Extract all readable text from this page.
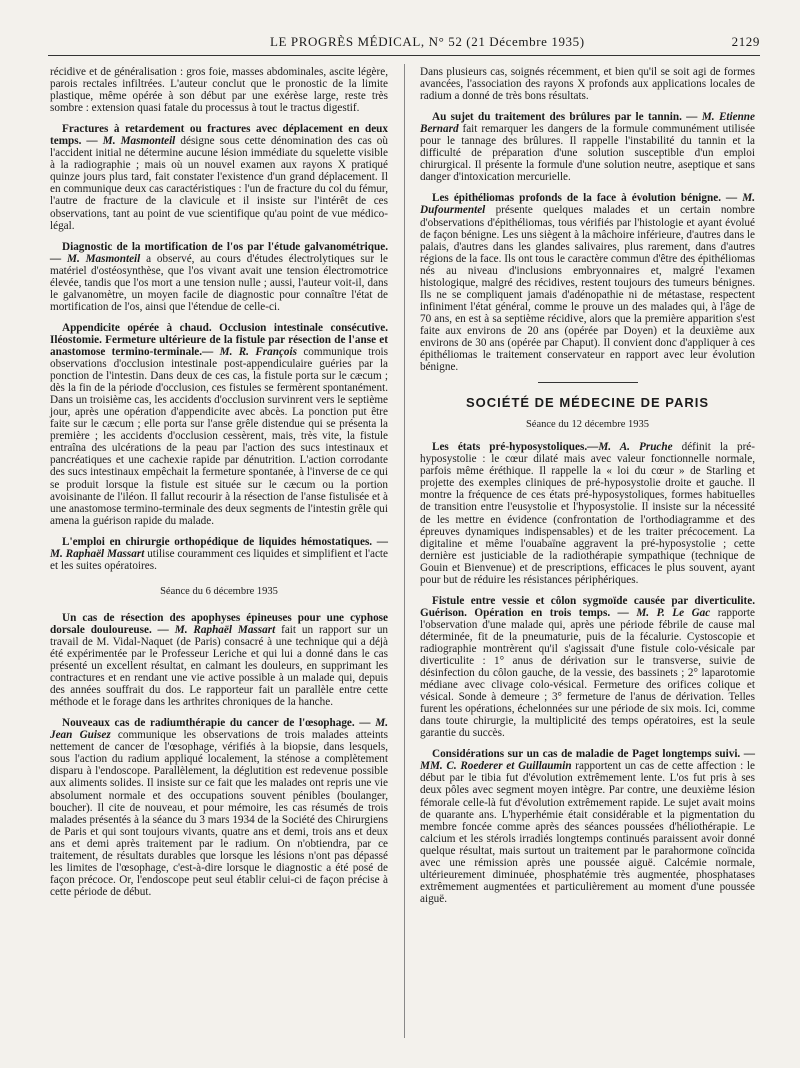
LE PROGRÈS MÉDICAL, N° 52 (21 Décembre 1935)	2129

récidive et de généralisation : gros foie, masses abdominales, ascite légère, parois rectales infiltrées. L'auteur conclut que le pronostic de la limite plastique, même opérée à son début par une exérèse large, reste très sombre : extension quasi fatale du processus à tout le tractus digestif.

Fractures à retardement ou fractures avec déplacement en deux temps. — M. Masmonteil désigne sous cette dénomination des cas où l'accident initial ne détermine aucune lésion immédiate du squelette visible à la radiographie ; mais où un nouvel examen aux rayons X pratiqué quinze jours plus tard, fait constater l'existence d'un grand déplacement. Il en communique deux cas caractéristiques : l'un de fracture du col du fémur, l'autre de fracture de la clavicule et il insiste sur l'intérêt de ces observations, tant au point de vue scientifique qu'au point de vue médico-légal.

Diagnostic de la mortification de l'os par l'étude galvanométrique. — M. Masmonteil a observé, au cours d'études électrolytiques sur le matériel d'ostéosynthèse, que l'os vivant avait une tension électromotrice élevée, tandis que l'os mort a une tension nulle ; aussi, l'auteur voit-il, dans le galvanomètre, un moyen facile de diagnostic pour connaître l'état de mortification de l'os, ainsi que l'étendue de celle-ci.

Appendicite opérée à chaud. Occlusion intestinale consécutive. Iléostomie. Fermeture ultérieure de la fistule par résection de l'anse et anastomose termino-terminale.— M. R. François communique trois observations d'occlusion intestinale post-appendiculaire guéries par la ponction de l'intestin. Dans deux de ces cas, la fistule porta sur le cæcum ; dès la fin de la période d'occlusion, ces fistules se fermèrent spontanément. Dans un troisième cas, les accidents d'occlusion survinrent vers le septième jour, après une opération d'appendicite avec abcès. La ponction put être faite sur le cæcum ; elle porta sur l'anse grêle distendue qui se présenta la première ; les accidents d'occlusion cessèrent, mais, très vite, la fistule entraîna des ulcérations de la peau par l'action des sucs intestinaux et pancréatiques et une cachexie rapide par dénutrition. L'action corrodante des sucs intestinaux empêchait la fermeture spontanée, à l'inverse de ce qui se produit lorsque la fistule est située sur le cæcum ou la portion avoisinante de l'iléon. Il fallut recourir à la résection de l'anse fistulisée et à une anastomose termino-terminale des deux segments de l'intestin grêle qui amena la guérison rapide du malade.

L'emploi en chirurgie orthopédique de liquides hémostatiques. — M. Raphaël Massart utilise couramment ces liquides et simplifient et l'acte et les suites opératoires.

Séance du 6 décembre 1935

Un cas de résection des apophyses épineuses pour une cyphose dorsale douloureuse. — M. Raphaël Massart fait un rapport sur un travail de M. Vidal-Naquet (de Paris) consacré à une technique qui a déjà été expérimentée par le Professeur Leriche et qui lui a donné dans le cas présenté un excellent résultat, en calmant les douleurs, en supprimant les contractures et en rendant une vie active possible à un malade qui, depuis des années souffrait du dos. Le rapporteur fait un parallèle entre cette méthode et le forage dans les arthrites chroniques de la hanche.

Nouveaux cas de radiumthérapie du cancer de l'œsophage. — M. Jean Guisez communique les observations de trois malades atteints nettement de cancer de l'œsophage, vérifiés à la biopsie, dans lesquels, sous l'action du radium appliqué localement, la sténose a complètement disparu à l'endoscope. Parallèlement, la déglutition est redevenue possible aux aliments solides. Il insiste sur ce fait que les malades ont repris une vie absolument normale et des occupations souvent pénibles (boulanger, boucher). Il cite de nouveau, et pour mémoire, les cas résumés de trois malades présentés à la séance du 3 mars 1934 de la Société des Chirurgiens de Paris et qui sont toujours vivants, quatre ans et demi, trois ans et deux ans et demi après traitement par le radium. On n'obtiendra, par ce traitement, de résultats durables que lorsque les lésions n'ont pas dépassé les limites de l'œsophage, c'est-à-dire lorsque le diagnostic a été posé de façon précoce. Or, l'endoscope peut seul établir celui-ci de façon précise à cette période de début.

Dans plusieurs cas, soignés récemment, et bien qu'il se soit agi de formes avancées, l'association des rayons X profonds aux applications locales de radium a donné de très bons résultats.

Au sujet du traitement des brûlures par le tannin. — M. Etienne Bernard fait remarquer les dangers de la formule communément utilisée pour le tannage des brûlures. Il rappelle l'instabilité du tannin et la difficulté de préparation d'une solution susceptible d'un emploi chirurgical. Il présente la formule d'une solution neutre, aseptique et sans danger d'intoxication mercurielle.

Les épithéliomas profonds de la face à évolution bénigne. — M. Dufourmentel présente quelques malades et un certain nombre d'observations d'épithéliomas, tous vérifiés par l'histologie et ayant évolué de façon bénigne. Les uns siègent à la mâchoire inférieure, d'autres dans le palais, d'autres dans les glandes salivaires, plus rarement, dans d'autres régions de la face. Ils ont tous le caractère commun d'être des épithéliomas nés au niveau d'inclusions embryonnaires et, malgré l'examen histologique, malgré des récidives, restent toujours des tumeurs bénignes. Ils ne se compliquent jamais d'adénopathie ni de métastase, respectent infiniment l'état général, comme le prouve un des malades qui, à l'âge de 70 ans, en est à sa septième récidive, alors que la première apparition s'est faite aux environs de 20 ans (opérée par Doyen) et la deuxième aux environs de 30 ans (opérée par Chaput). Il convient donc d'appliquer à ces épithéliomas le traitement conservateur en rapport avec leur évolution bénigne.

SOCIÉTÉ DE MÉDECINE DE PARIS
Séance du 12 décembre 1935

Les états pré-hyposystoliques.—M. A. Pruche définit la pré-hyposystolie : le cœur dilaté mais avec valeur fonctionnelle normale, parfois même éréthique. Il rappelle la « loi du cœur » de Starling et projette des exemples cliniques de pré-hyposystolie droite et gauche. Il montre la fréquence de ces états pré-hyposystoliques, formes habituelles de transition entre l'eusystolie et l'hyposystolie. Il insiste sur la nécessité de les mettre en évidence (confrontation de l'orthodiagramme et des épreuves dynamiques indispensables) et de les traiter précocement. La digitaline et même l'ouabaïne aggravent la pré-hyposystolie ; cette dernière est justiciable de la radiothérapie sympathique (technique de Gouin et Bienvenue) et de prescriptions, efficaces le plus souvent, ayant pour but de réduire les résistances périphériques.

Fistule entre vessie et côlon sygmoïde causée par diverticulite. Guérison. Opération en trois temps. — M. P. Le Gac rapporte l'observation d'une malade qui, après une période fébrile de cause mal déterminée, fit de la pneumaturie, puis de la fécalurie. Cystoscopie et radiographie montrèrent qu'il s'agissait d'une fistule colo-vésicale par diverticulite : 1° anus de dérivation sur le transverse, suivie de désinfection du côlon gauche, de la vessie, des bassinets ; 2° laparotomie médiane avec clivage colo-vésical. Fermeture des orifices colique et vésical. Sonde à demeure ; 3° fermeture de l'anus de dérivation. Telles furent les opérations, échelonnées sur une période de six mois. Ici, comme dans toute chirurgie, la multiplicité des temps opératoires, est la seule garantie du succès.

Considérations sur un cas de maladie de Paget longtemps suivi. — MM. C. Roederer et Guillaumin rapportent un cas de cette affection : le début par le tibia fut d'évolution extrêmement lente. L'os fut pris à ses deux pôles avec segment moyen intègre. Par contre, une deuxième lésion fémorale celle-là fut d'évolution extrêmement rapide. Le sujet avait moins de quarante ans. L'hyperhémie était considérable et la pigmentation du membre foncée comme après des séances poussées d'héliothérapie. Le calcium et les stérols irradiés longtemps continués paraissent avoir donné quelque résultat, mais surtout un traitement par le parahormone coïncida avec une rémission après une poussée aiguë. Calcémie normale, ultérieurement diminuée, phosphatémie très augmentée, phosphatases extrêmement augmentées et particulièrement au moment d'une poussée aiguë.
